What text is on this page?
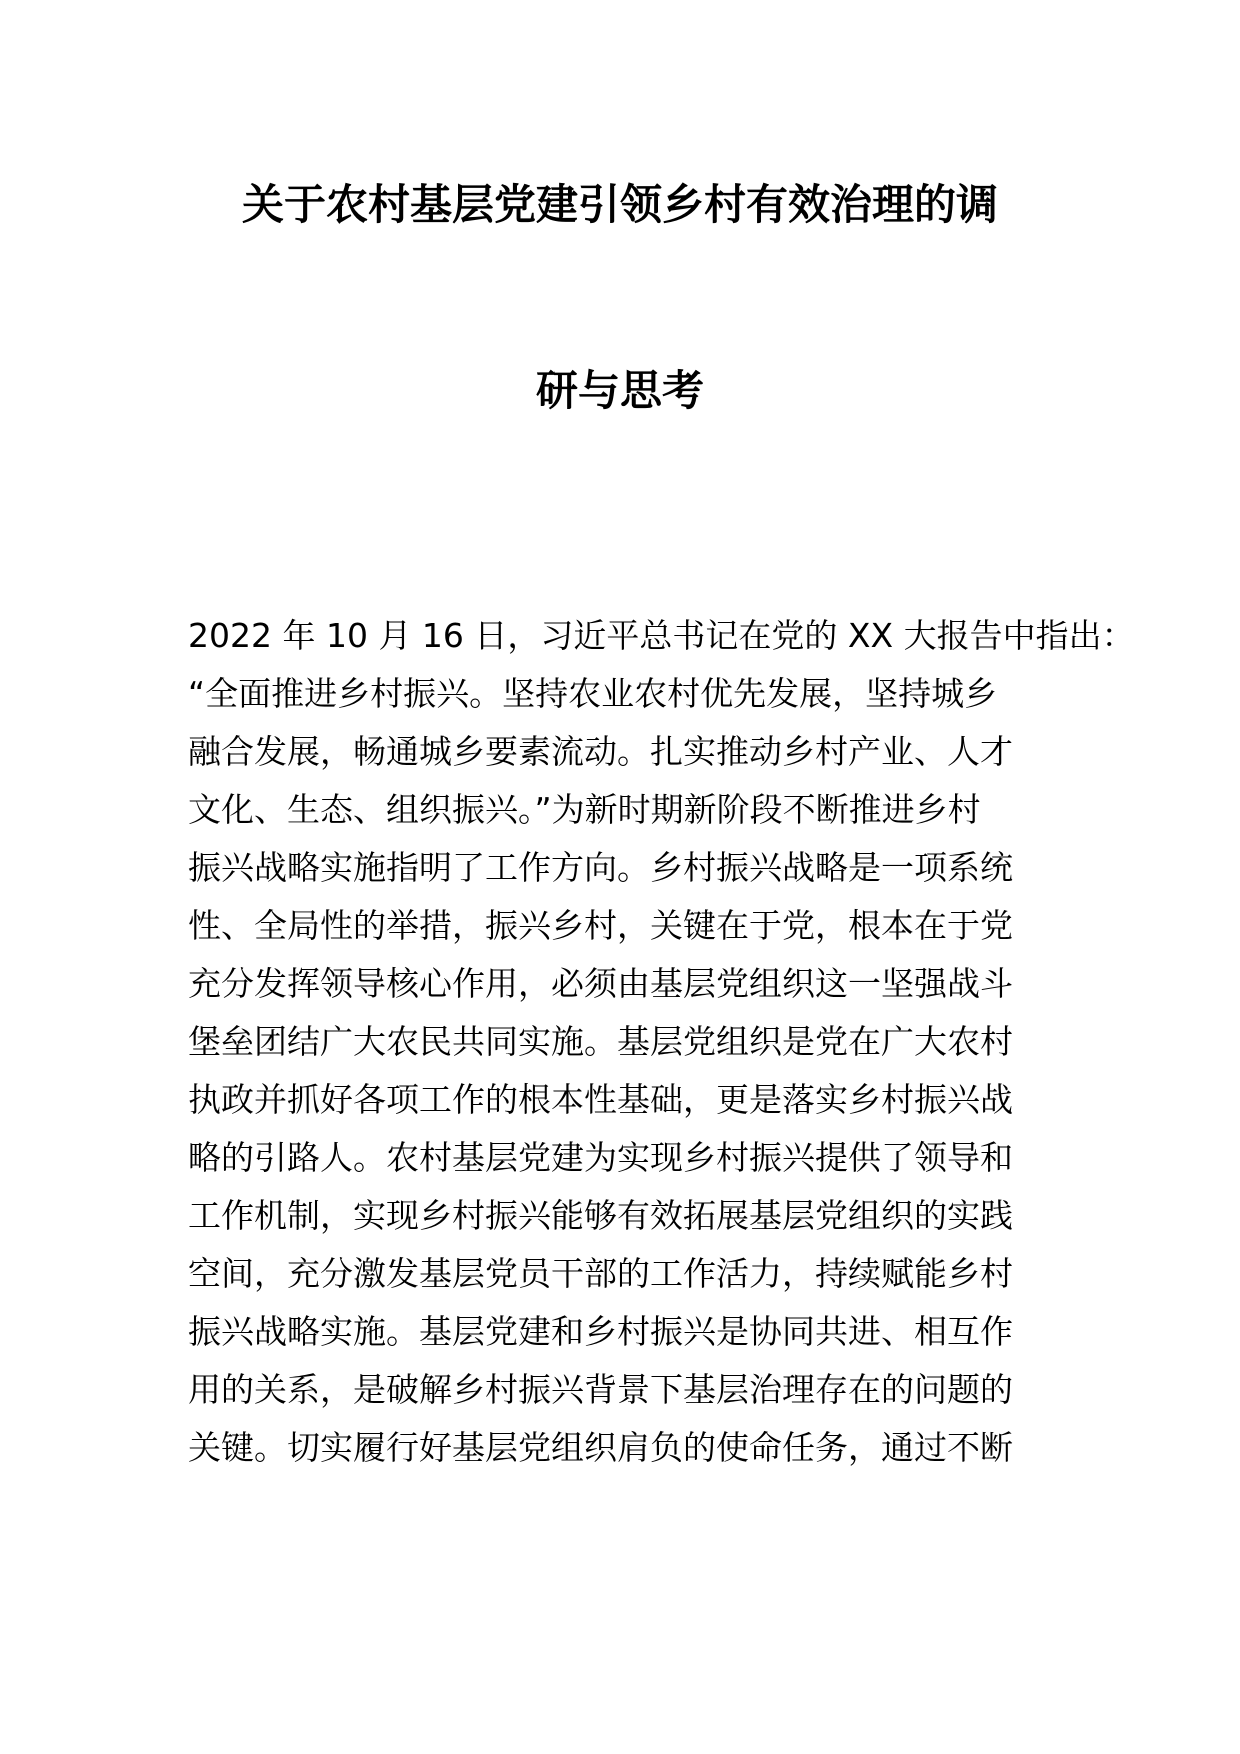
关于农村基层党建引领乡村有效治理的调
研与思考
2022 年 10 月 16 日，习近平总书记在党的 XX 大报告中指出：
“全面推进乡村振兴。坚持农业农村优先发展，坚持城乡
融合发展，畅通城乡要素流动。扎实推动乡村产业、人才
文化、生态、组织振兴。”为新时期新阶段不断推进乡村
振兴战略实施指明了工作方向。乡村振兴战略是一项系统
性、全局性的举措，振兴乡村，关键在于党，根本在于党
充分发挥领导核心作用，必须由基层党组织这一坚强战斗
堡垒团结广大农民共同实施。基层党组织是党在广大农村
执政并抓好各项工作的根本性基础，更是落实乡村振兴战
略的引路人。农村基层党建为实现乡村振兴提供了领导和
工作机制，实现乡村振兴能够有效拓展基层党组织的实践
空间，充分激发基层党员干部的工作活力，持续赋能乡村
振兴战略实施。基层党建和乡村振兴是协同共进、相互作
用的关系，是破解乡村振兴背景下基层治理存在的问题的
关键。切实履行好基层党组织肩负的使命任务，通过不断
